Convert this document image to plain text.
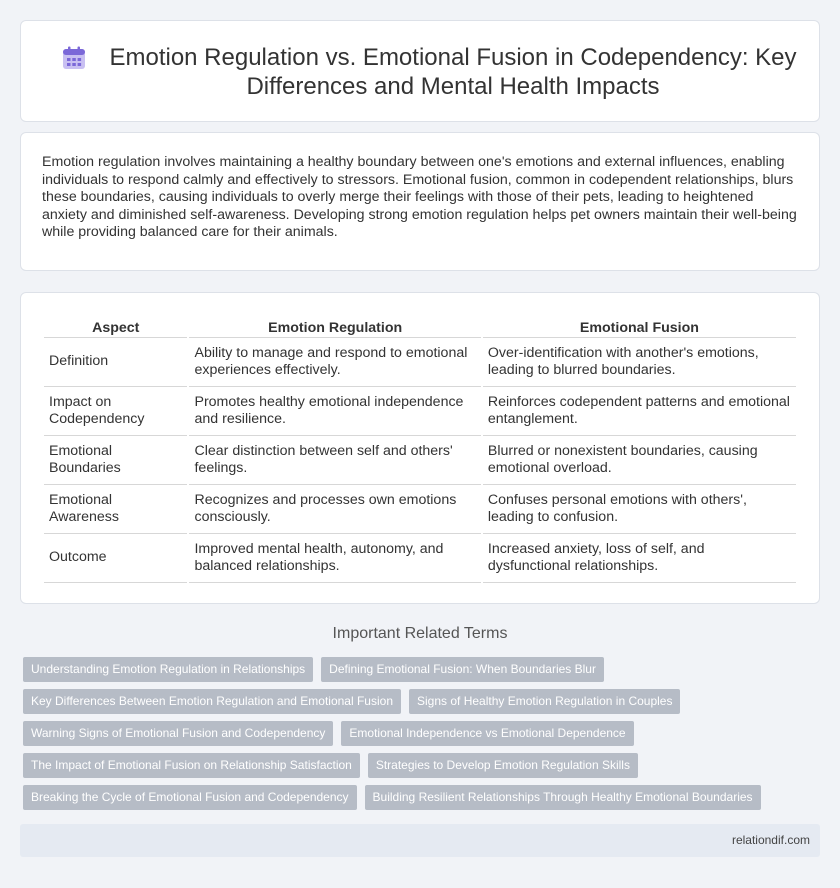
Emotion Regulation vs. Emotional Fusion in Codependency: Key Differences and Mental Health Impacts

Emotion regulation involves maintaining a healthy boundary between one's emotions and external influences, enabling individuals to respond calmly and effectively to stressors. Emotional fusion, common in codependent relationships, blurs these boundaries, causing individuals to overly merge their feelings with those of their pets, leading to heightened anxiety and diminished self-awareness. Developing strong emotion regulation helps pet owners maintain their well-being while providing balanced care for their animals.

Aspect	Emotion Regulation	Emotional Fusion
Definition	Ability to manage and respond to emotional experiences effectively.	Over-identification with another's emotions, leading to blurred boundaries.
Impact on Codependency	Promotes healthy emotional independence and resilience.	Reinforces codependent patterns and emotional entanglement.
Emotional Boundaries	Clear distinction between self and others' feelings.	Blurred or nonexistent boundaries, causing emotional overload.
Emotional Awareness	Recognizes and processes own emotions consciously.	Confuses personal emotions with others', leading to confusion.
Outcome	Improved mental health, autonomy, and balanced relationships.	Increased anxiety, loss of self, and dysfunctional relationships.
Important Related Terms
Understanding Emotion Regulation in Relationships	Defining Emotional Fusion: When Boundaries Blur
Key Differences Between Emotion Regulation and Emotional Fusion	Signs of Healthy Emotion Regulation in Couples
Warning Signs of Emotional Fusion and Codependency	Emotional Independence vs Emotional Dependence
The Impact of Emotional Fusion on Relationship Satisfaction	Strategies to Develop Emotion Regulation Skills
Breaking the Cycle of Emotional Fusion and Codependency	Building Resilient Relationships Through Healthy Emotional Boundaries
relationdif.com
